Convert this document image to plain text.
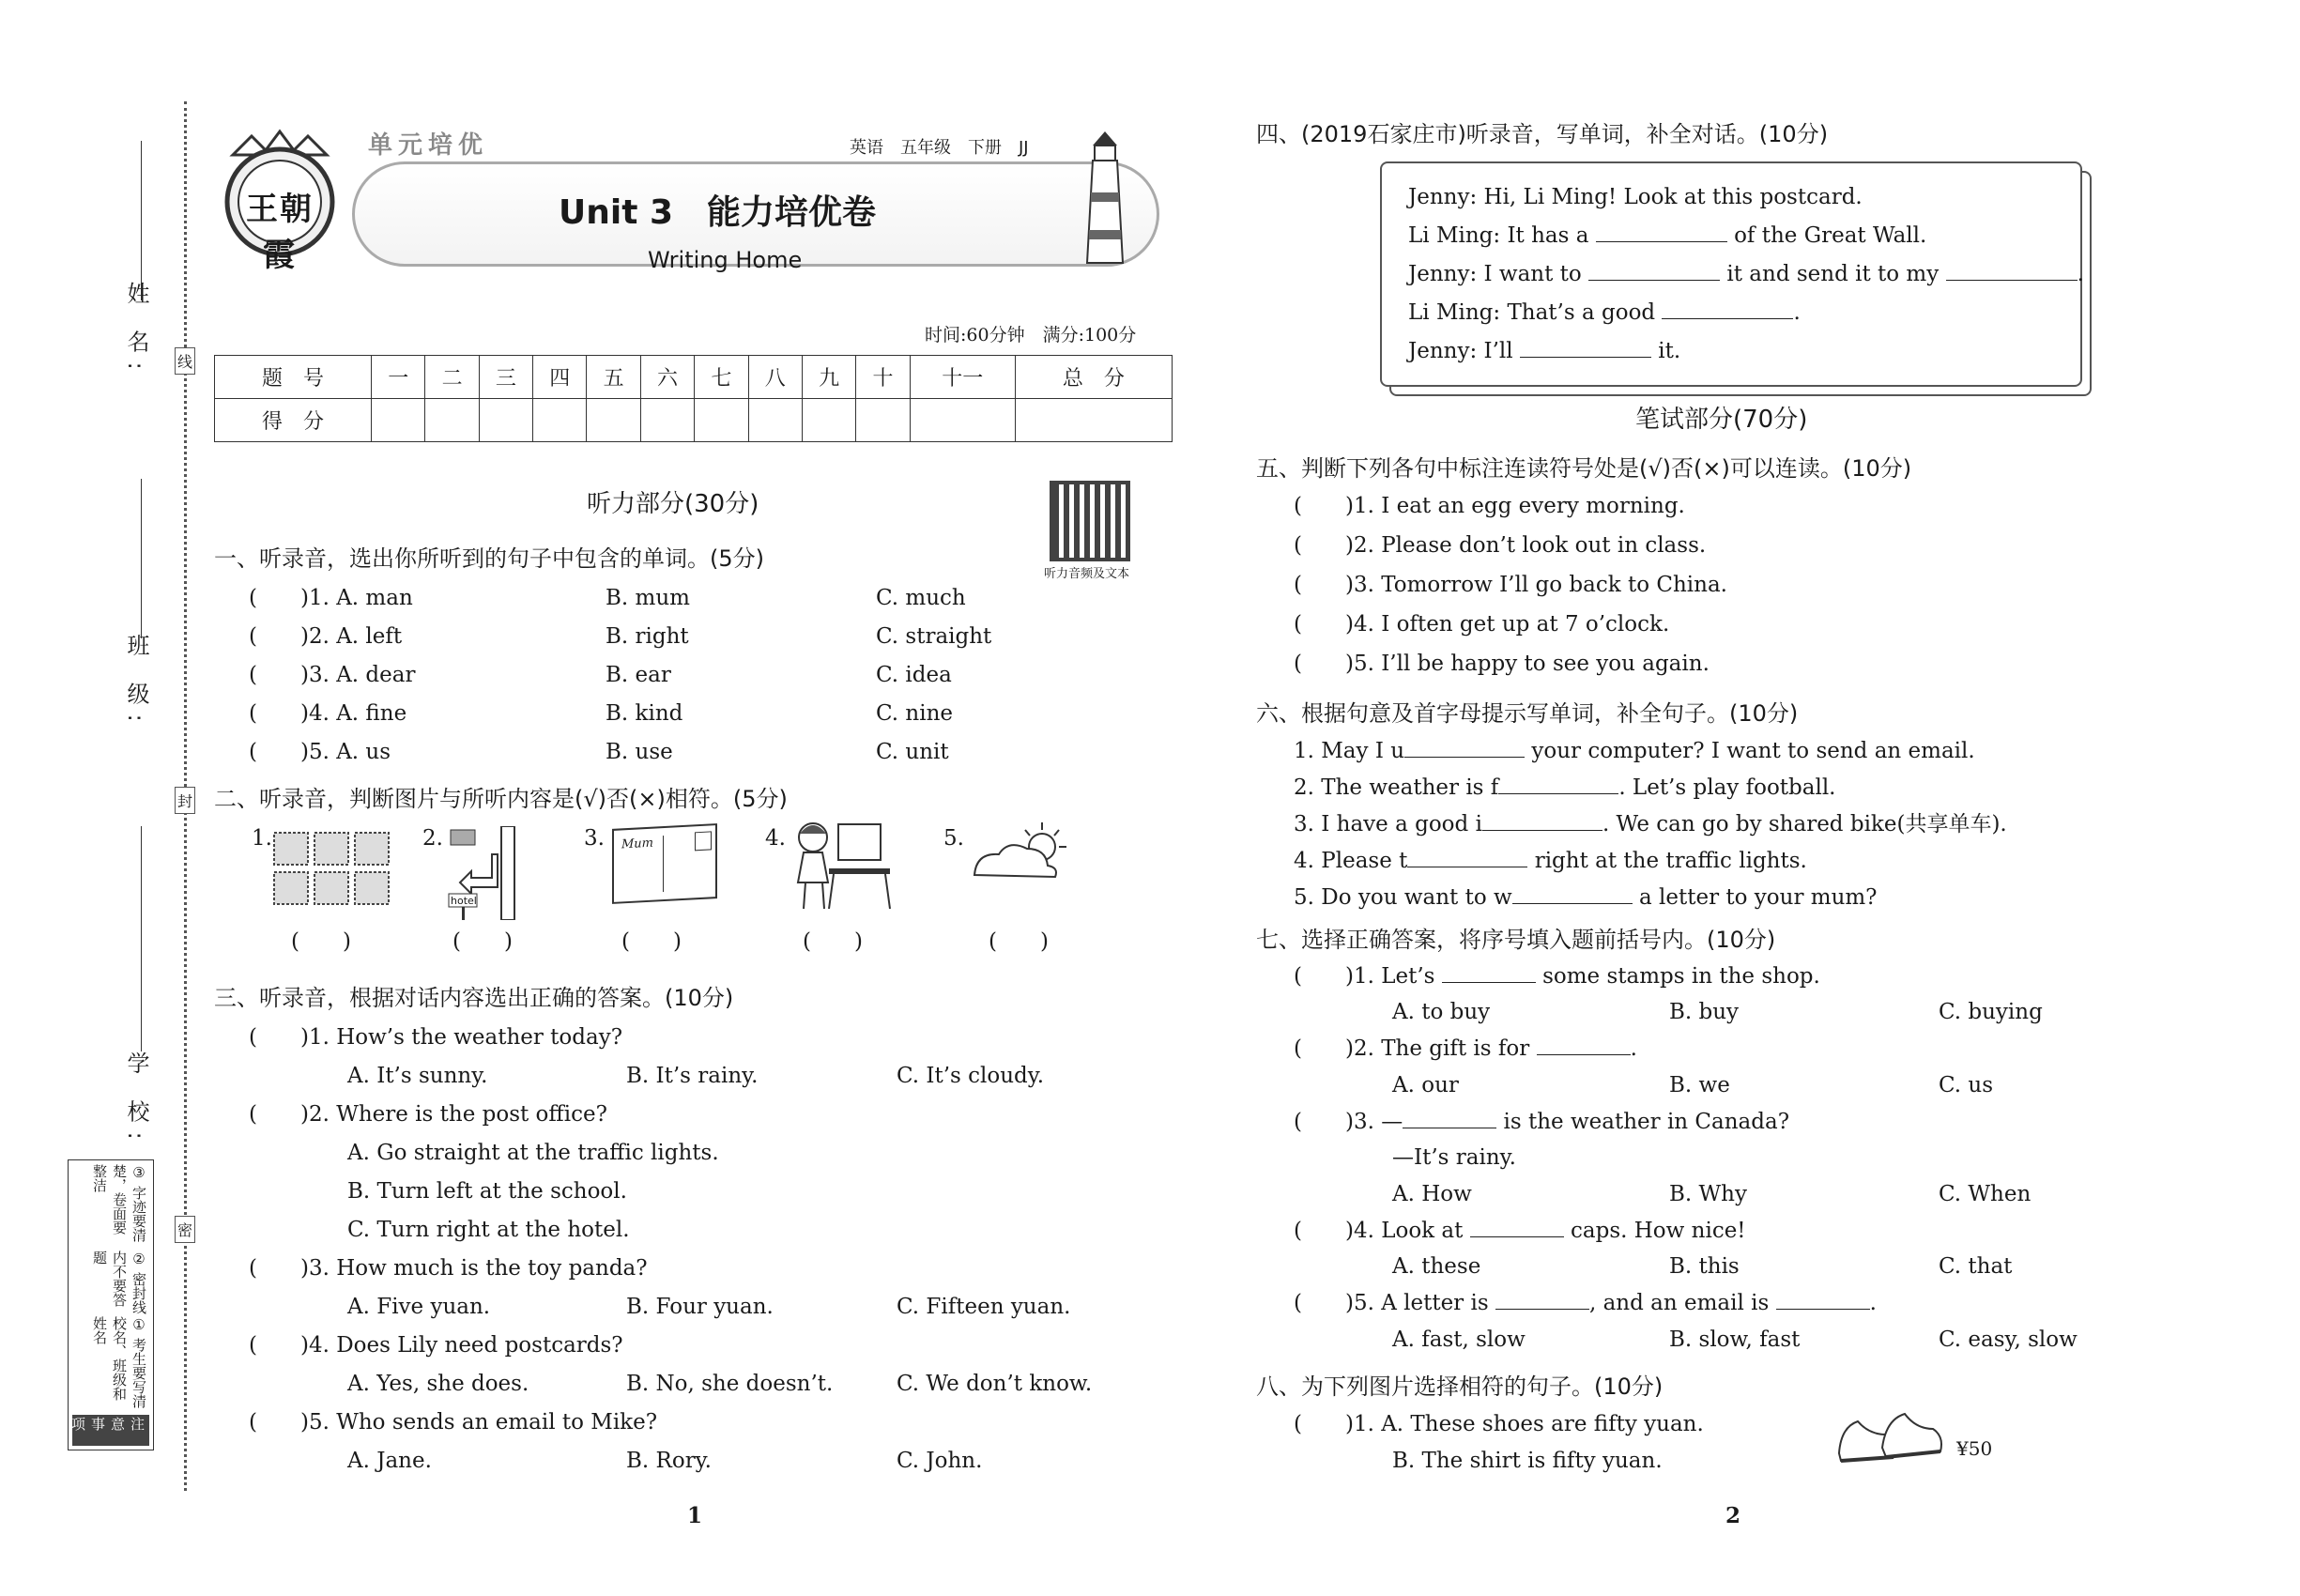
姓 名:
班 级:
学 校:
线
封
密
注意事项
① 考生要写清校名、班级和姓名
② 密封线内不要答题
③ 字迹要清楚，卷面要整洁
王朝霞
单元培优	英语　五年级　下册　JJ
Unit 3　能力培优卷
Writing Home
时间:60分钟　满分:100分
题　号	一	二	三	四	五	六	七	八	九	十	十一	总　分
得　分												
听力部分(30分)
听力音频及文本
一、听录音，选出你所听到的句子中包含的单词。(5分)
(　　)1. A. man	B. mum	C. much
(　　)2. A. left	B. right	C. straight
(　　)3. A. dear	B. ear	C. idea
(　　)4. A. fine	B. kind	C. nine
(　　)5. A. us	B. use	C. unit
二、听录音，判断图片与所听内容是(√)否(×)相符。(5分)
1.	2.
hotel
3. Mum	4.	5.
(　　)	(　　)	(　　)	(　　)	(　　)
三、听录音，根据对话内容选出正确的答案。(10分)
(　　)1. How’s the weather today?
A. It’s sunny.	B. It’s rainy.	C. It’s cloudy.
(　　)2. Where is the post office?
A. Go straight at the traffic lights.
B. Turn left at the school.
C. Turn right at the hotel.
(　　)3. How much is the toy panda?
A. Five yuan.	B. Four yuan.	C. Fifteen yuan.
(　　)4. Does Lily need postcards?
A. Yes, she does.	B. No, she doesn’t.	C. We don’t know.
(　　)5. Who sends an email to Mike?
A. Jane.	B. Rory.	C. John.
1
四、(2019石家庄市)听录音，写单词，补全对话。(10分)
Jenny: Hi, Li Ming! Look at this postcard.
Li Ming: It has a	of the Great Wall.
Jenny: I want to	it and send it to my	.
Li Ming: That’s a good	.
Jenny: I’ll	it.
笔试部分(70分)
五、判断下列各句中标注连读符号处是(√)否(×)可以连读。(10分)
(　　)1. I eat an egg every morning.
(　　)2. Please don’t look out in class.
(　　)3. Tomorrow I’ll go back to China.
(　　)4. I often get up at 7 o’clock.
(　　)5. I’ll be happy to see you again.
六、根据句意及首字母提示写单词，补全句子。(10分)
1. May I u	your computer? I want to send an email.
2. The weather is f	. Let’s play football.
3. I have a good i	. We can go by shared bike(共享单车).
4. Please t	right at the traffic lights.
5. Do you want to w	a letter to your mum?
七、选择正确答案，将序号填入题前括号内。(10分)
(　　)1. Let’s	some stamps in the shop.
A. to buy	B. buy	C. buying
(　　)2. The gift is for	.
A. our	B. we	C. us
(　　)3. —	is the weather in Canada?
—It’s rainy.
A. How	B. Why	C. When
(　　)4. Look at	caps. How nice!
A. these	B. this	C. that
(　　)5. A letter is	, and an email is	.
A. fast, slow	B. slow, fast	C. easy, slow
八、为下列图片选择相符的句子。(10分)
(　　)1. A. These shoes are fifty yuan.
B. The shirt is fifty yuan.	¥50
2
